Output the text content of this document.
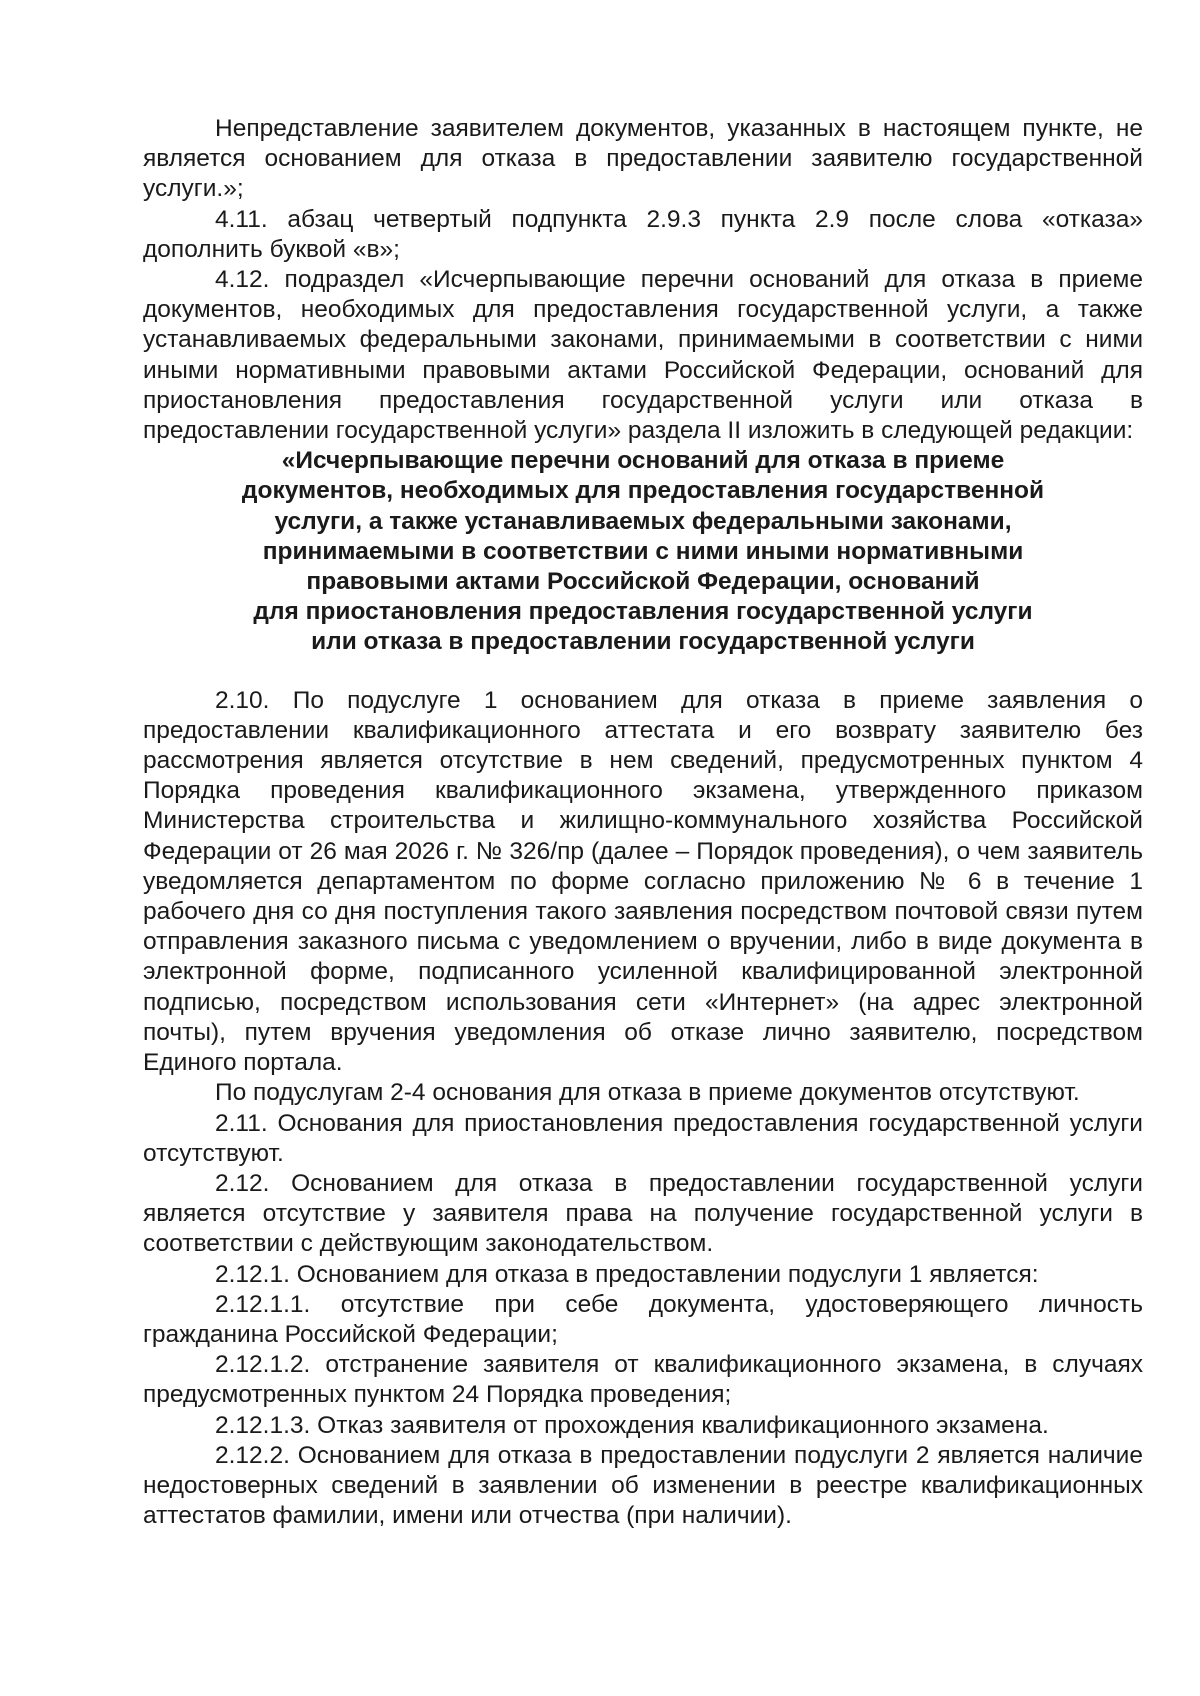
Непредставление заявителем документов, указанных в настоящем пункте, не является основанием для отказа в предоставлении заявителю государственной услуги.»;

4.11. абзац четвертый подпункта 2.9.3 пункта 2.9 после слова «отказа» дополнить буквой «в»;

4.12. подраздел «Исчерпывающие перечни оснований для отказа в приеме документов, необходимых для предоставления государственной услуги, а также устанавливаемых федеральными законами, принимаемыми в соответствии с ними иными нормативными правовыми актами Российской Федерации, оснований для приостановления предоставления государственной услуги или отказа в предоставлении государственной услуги» раздела II изложить в следующей редакции:

«Исчерпывающие перечни оснований для отказа в приеме
документов, необходимых для предоставления государственной
услуги, а также устанавливаемых федеральными законами,
принимаемыми в соответствии с ними иными нормативными
правовыми актами Российской Федерации, оснований
для приостановления предоставления государственной услуги
или отказа в предоставлении государственной услуги

2.10. По подуслуге 1 основанием для отказа в приеме заявления о предоставлении квалификационного аттестата и его возврату заявителю без рассмотрения является отсутствие в нем сведений, предусмотренных пунктом 4 Порядка проведения квалификационного экзамена, утвержденного приказом Министерства строительства и жилищно-коммунального хозяйства Российской Федерации от 26 мая 2026 г. № 326/пр (далее – Порядок проведения), о чем заявитель уведомляется департаментом по форме согласно приложению № 6 в течение 1 рабочего дня со дня поступления такого заявления посредством почтовой связи путем отправления заказного письма с уведомлением о вручении, либо в виде документа в электронной форме, подписанного усиленной квалифицированной электронной подписью, посредством использования сети «Интернет» (на адрес электронной почты), путем вручения уведомления об отказе лично заявителю, посредством Единого портала.

По подуслугам 2-4 основания для отказа в приеме документов отсутствуют.

2.11. Основания для приостановления предоставления государственной услуги отсутствуют.

2.12. Основанием для отказа в предоставлении государственной услуги является отсутствие у заявителя права на получение государственной услуги в соответствии с действующим законодательством.

2.12.1. Основанием для отказа в предоставлении подуслуги 1 является:

2.12.1.1. отсутствие при себе документа, удостоверяющего личность гражданина Российской Федерации;

2.12.1.2. отстранение заявителя от квалификационного экзамена, в случаях предусмотренных пунктом 24 Порядка проведения;

2.12.1.3. Отказ заявителя от прохождения квалификационного экзамена.

2.12.2. Основанием для отказа в предоставлении подуслуги 2 является наличие недостоверных сведений в заявлении об изменении в реестре квалификационных аттестатов фамилии, имени или отчества (при наличии).
